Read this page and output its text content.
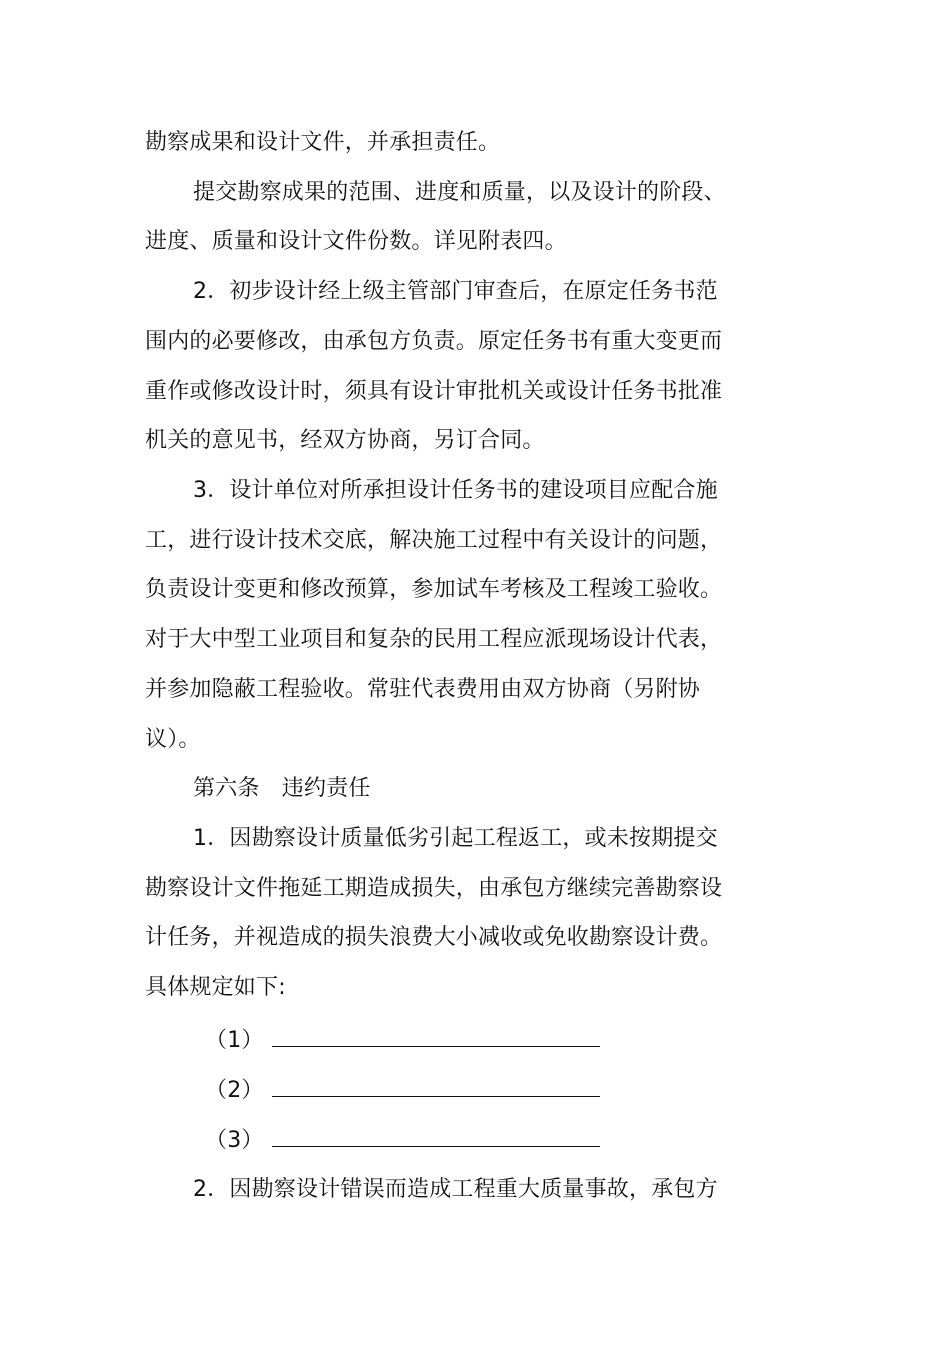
勘察成果和设计文件，并承担责任。
提交勘察成果的范围、进度和质量，以及设计的阶段、
进度、质量和设计文件份数。详见附表四。
2．初步设计经上级主管部门审查后，在原定任务书范
围内的必要修改，由承包方负责。原定任务书有重大变更而
重作或修改设计时，须具有设计审批机关或设计任务书批准
机关的意见书，经双方协商，另订合同。
3．设计单位对所承担设计任务书的建设项目应配合施
工，进行设计技术交底，解决施工过程中有关设计的问题，
负责设计变更和修改预算，参加试车考核及工程竣工验收。
对于大中型工业项目和复杂的民用工程应派现场设计代表，
并参加隐蔽工程验收。常驻代表费用由双方协商（另附协
议）。
第六条　违约责任
1．因勘察设计质量低劣引起工程返工，或未按期提交
勘察设计文件拖延工期造成损失，由承包方继续完善勘察设
计任务，并视造成的损失浪费大小减收或免收勘察设计费。
具体规定如下:
（1）
（2）
（3）
2．因勘察设计错误而造成工程重大质量事故，承包方
